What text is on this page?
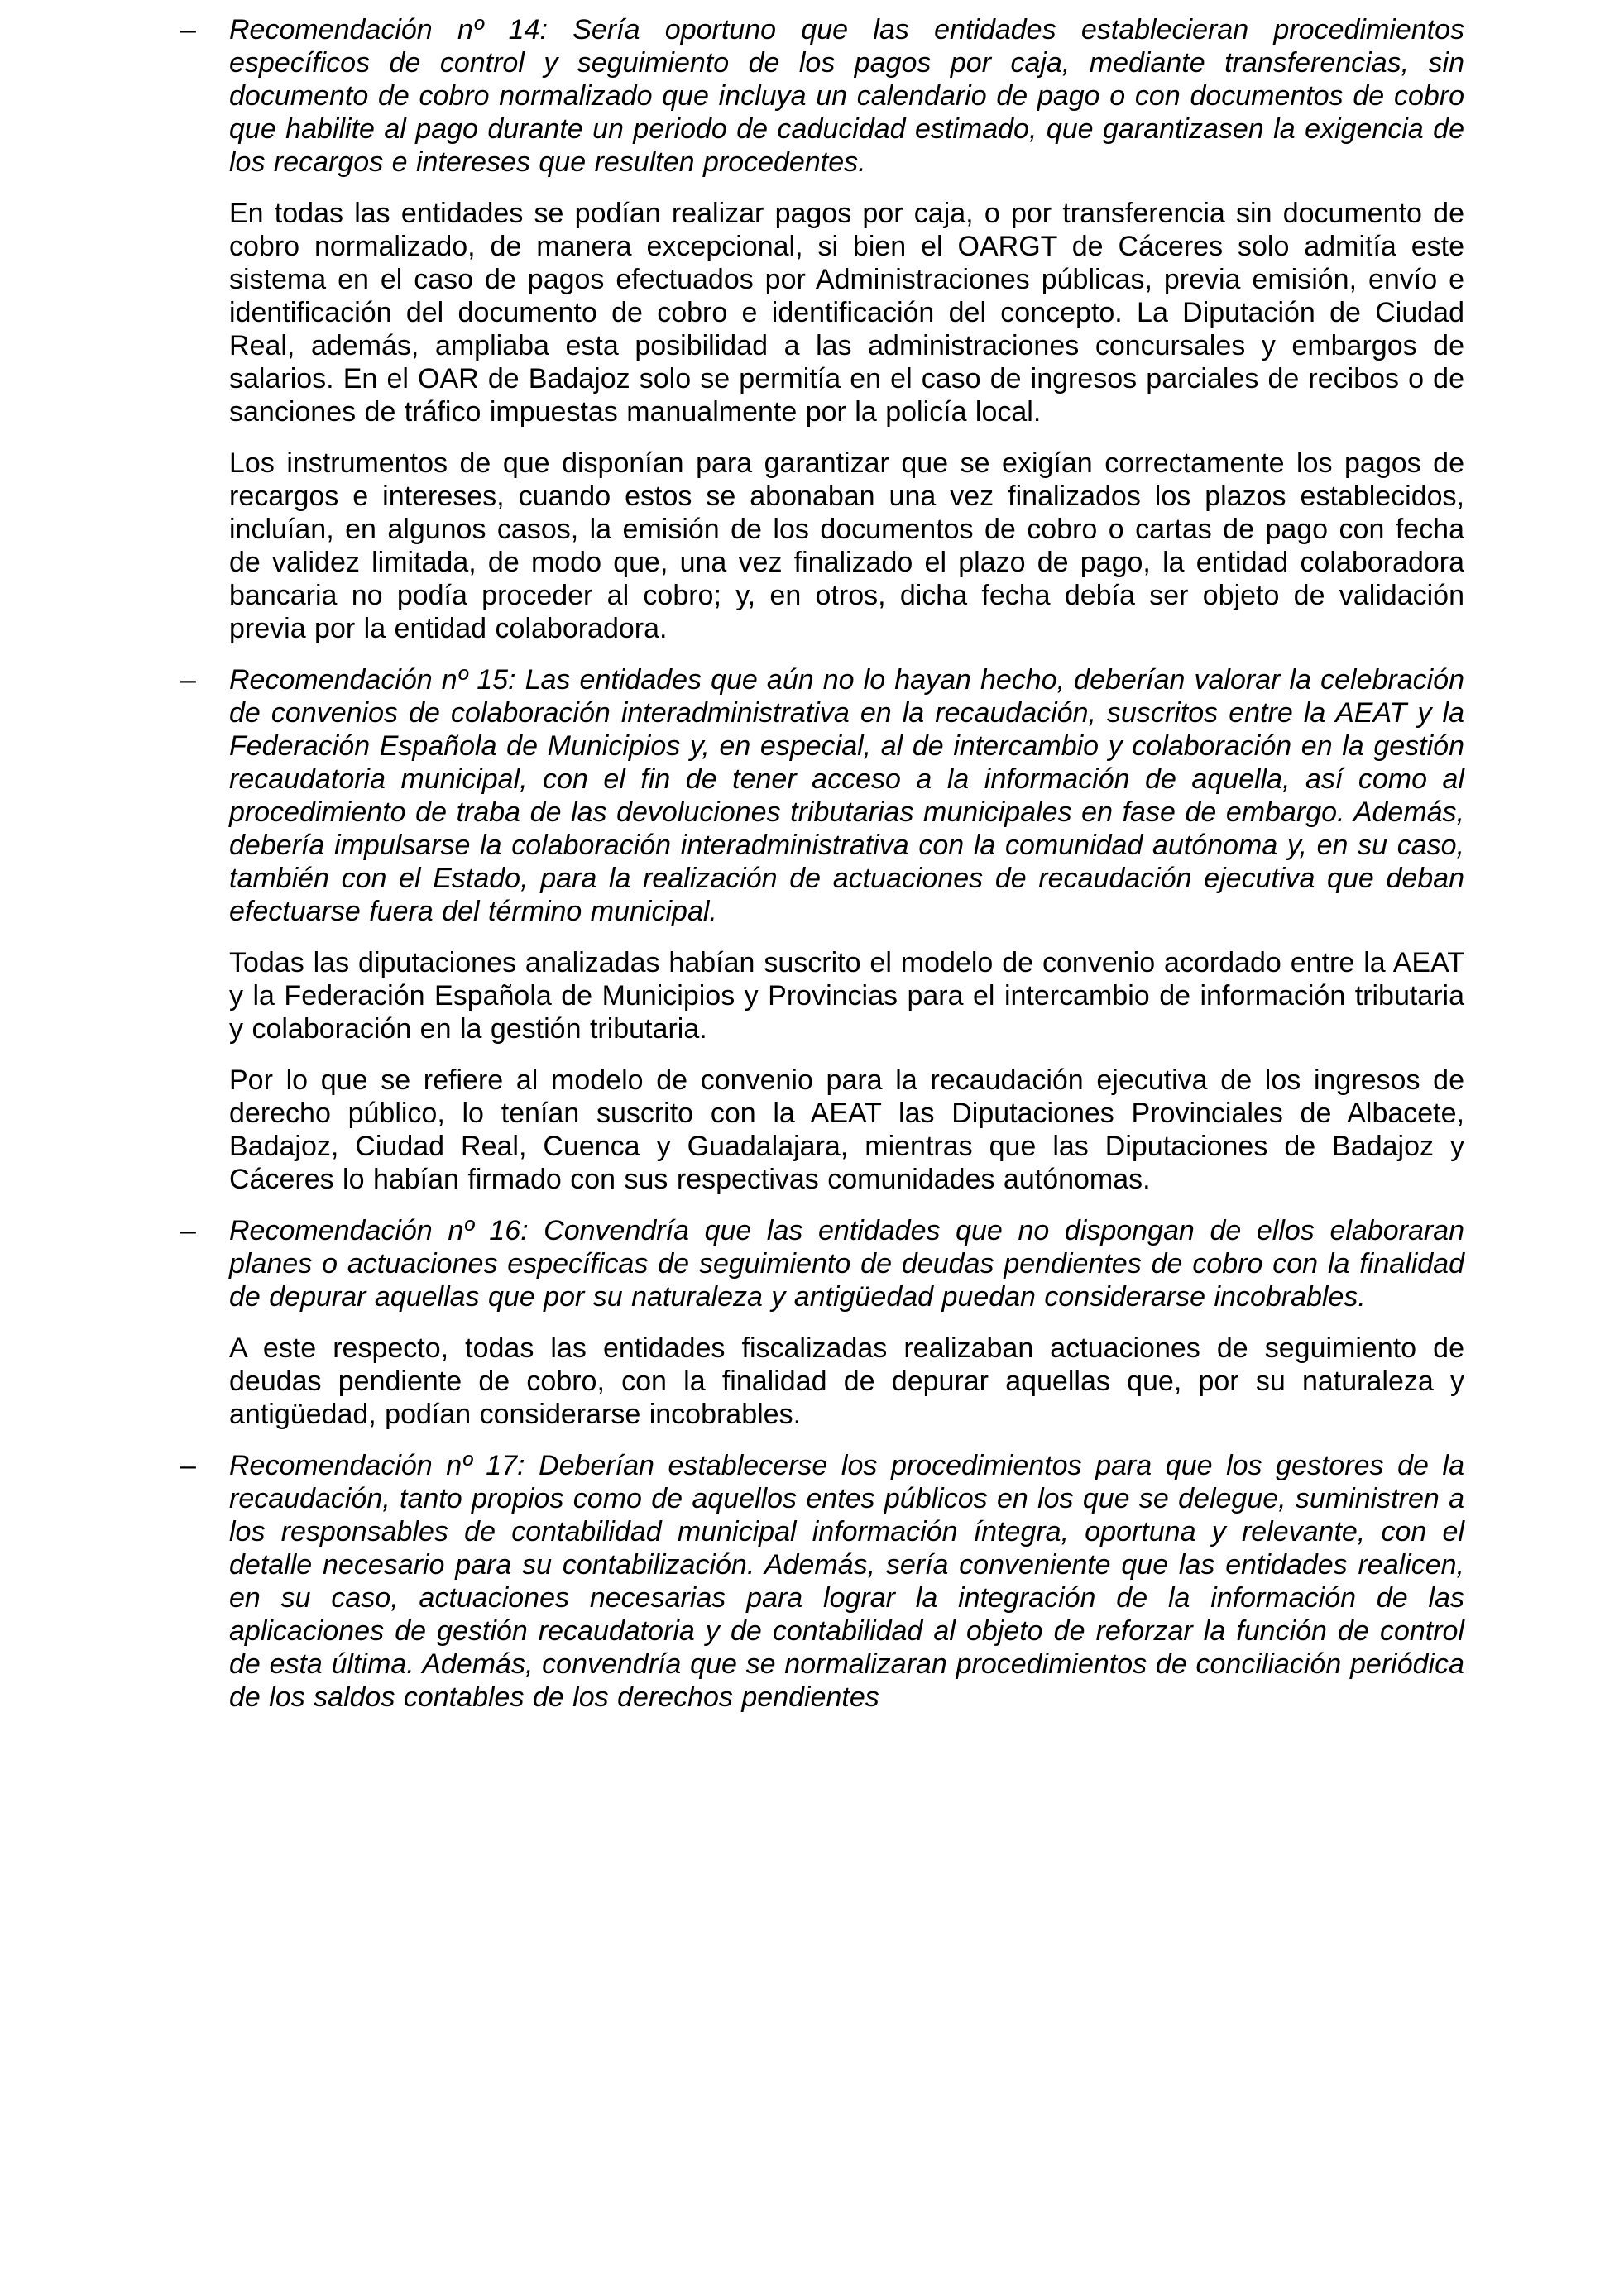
– Recomendación nº 14: Sería oportuno que las entidades establecieran procedimientos específicos de control y seguimiento de los pagos por caja, mediante transferencias, sin documento de cobro normalizado que incluya un calendario de pago o con documentos de cobro que habilite al pago durante un periodo de caducidad estimado, que garantizasen la exigencia de los recargos e intereses que resulten procedentes.
En todas las entidades se podían realizar pagos por caja, o por transferencia sin documento de cobro normalizado, de manera excepcional, si bien el OARGT de Cáceres solo admitía este sistema en el caso de pagos efectuados por Administraciones públicas, previa emisión, envío e identificación del documento de cobro e identificación del concepto. La Diputación de Ciudad Real, además, ampliaba esta posibilidad a las administraciones concursales y embargos de salarios. En el OAR de Badajoz solo se permitía en el caso de ingresos parciales de recibos o de sanciones de tráfico impuestas manualmente por la policía local.
Los instrumentos de que disponían para garantizar que se exigían correctamente los pagos de recargos e intereses, cuando estos se abonaban una vez finalizados los plazos establecidos, incluían, en algunos casos, la emisión de los documentos de cobro o cartas de pago con fecha de validez limitada, de modo que, una vez finalizado el plazo de pago, la entidad colaboradora bancaria no podía proceder al cobro; y, en otros, dicha fecha debía ser objeto de validación previa por la entidad colaboradora.
– Recomendación nº 15: Las entidades que aún no lo hayan hecho, deberían valorar la celebración de convenios de colaboración interadministrativa en la recaudación, suscritos entre la AEAT y la Federación Española de Municipios y, en especial, al de intercambio y colaboración en la gestión recaudatoria municipal, con el fin de tener acceso a la información de aquella, así como al procedimiento de traba de las devoluciones tributarias municipales en fase de embargo. Además, debería impulsarse la colaboración interadministrativa con la comunidad autónoma y, en su caso, también con el Estado, para la realización de actuaciones de recaudación ejecutiva que deban efectuarse fuera del término municipal.
Todas las diputaciones analizadas habían suscrito el modelo de convenio acordado entre la AEAT y la Federación Española de Municipios y Provincias para el intercambio de información tributaria y colaboración en la gestión tributaria.
Por lo que se refiere al modelo de convenio para la recaudación ejecutiva de los ingresos de derecho público, lo tenían suscrito con la AEAT las Diputaciones Provinciales de Albacete, Badajoz, Ciudad Real, Cuenca y Guadalajara, mientras que las Diputaciones de Badajoz y Cáceres lo habían firmado con sus respectivas comunidades autónomas.
– Recomendación nº 16: Convendría que las entidades que no dispongan de ellos elaboraran planes o actuaciones específicas de seguimiento de deudas pendientes de cobro con la finalidad de depurar aquellas que por su naturaleza y antigüedad puedan considerarse incobrables.
A este respecto, todas las entidades fiscalizadas realizaban actuaciones de seguimiento de deudas pendiente de cobro, con la finalidad de depurar aquellas que, por su naturaleza y antigüedad, podían considerarse incobrables.
– Recomendación nº 17: Deberían establecerse los procedimientos para que los gestores de la recaudación, tanto propios como de aquellos entes públicos en los que se delegue, suministren a los responsables de contabilidad municipal información íntegra, oportuna y relevante, con el detalle necesario para su contabilización. Además, sería conveniente que las entidades realicen, en su caso, actuaciones necesarias para lograr la integración de la información de las aplicaciones de gestión recaudatoria y de contabilidad al objeto de reforzar la función de control de esta última. Además, convendría que se normalizaran procedimientos de conciliación periódica de los saldos contables de los derechos pendientes
